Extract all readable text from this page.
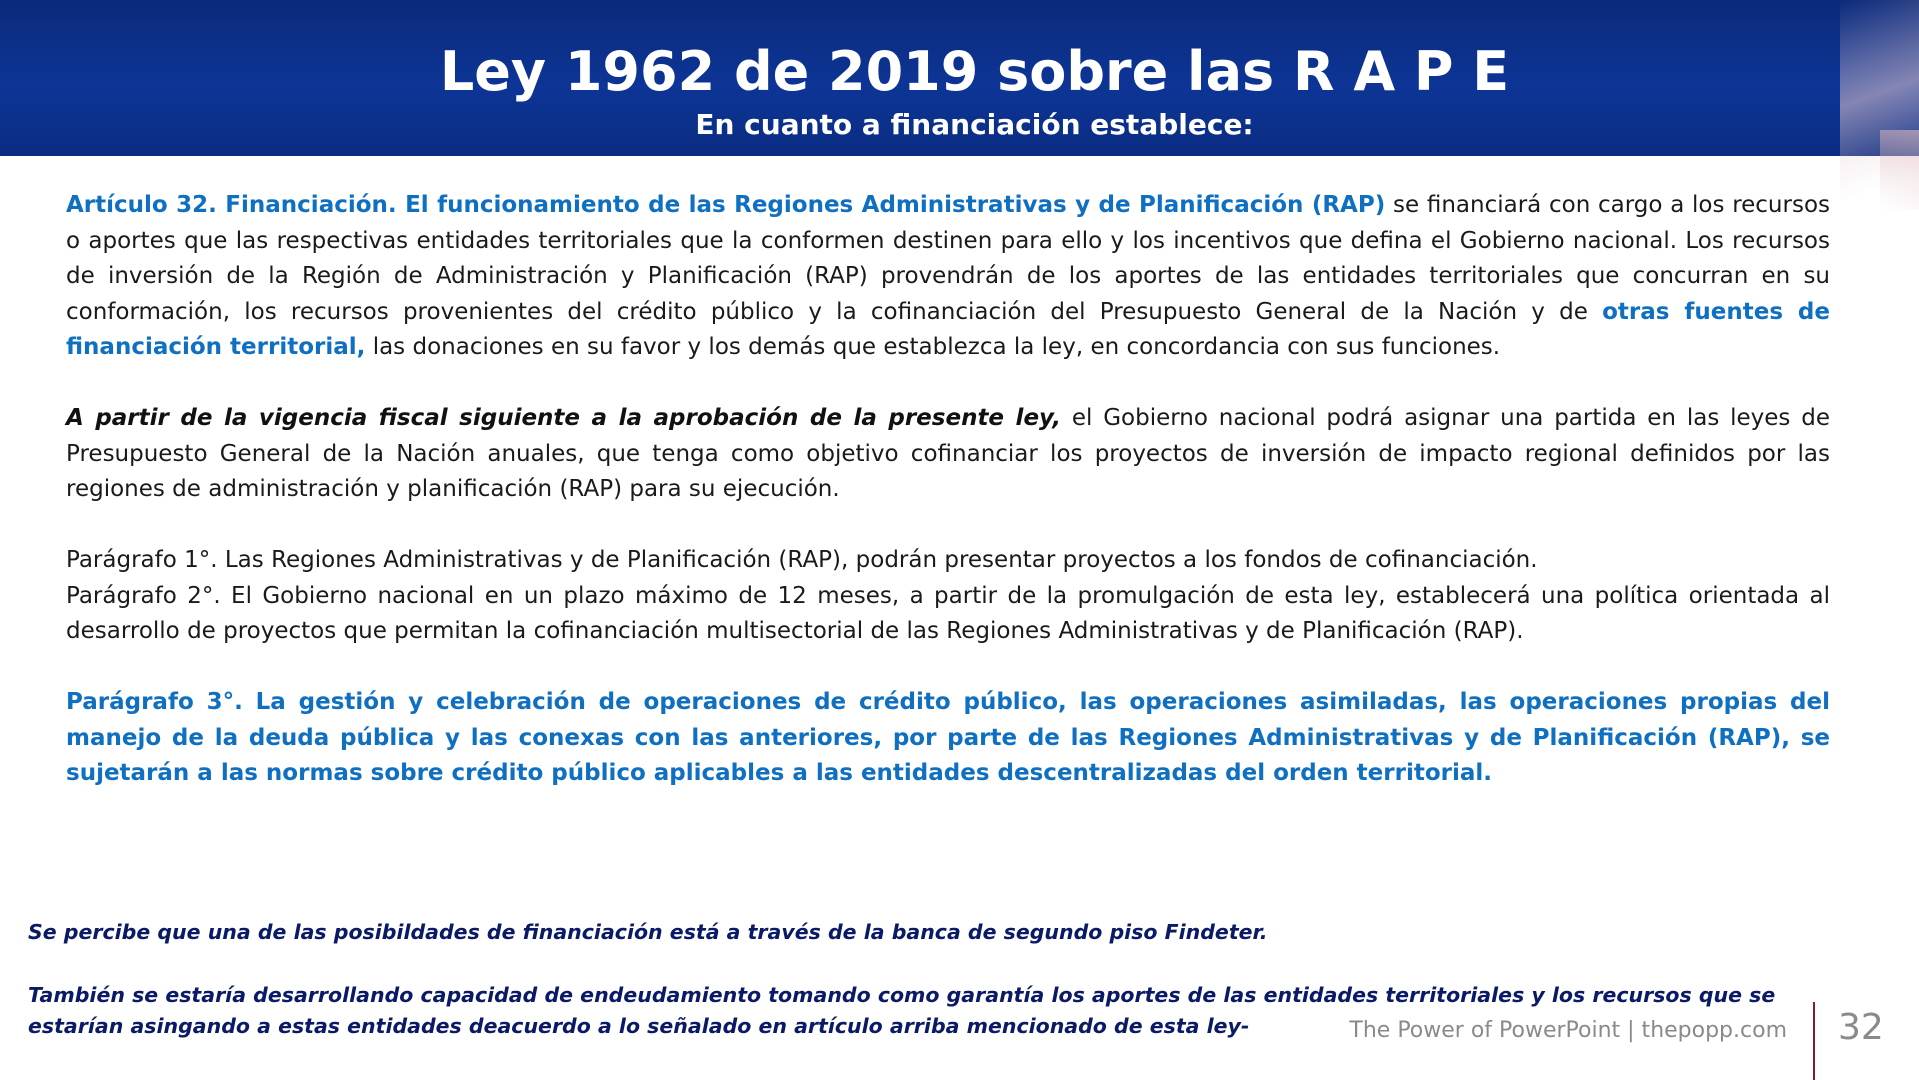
Ley 1962 de 2019 sobre las R A P E
En cuanto a financiación establece:

Artículo 32. Financiación. El funcionamiento de las Regiones Administrativas y de Planificación (RAP) se financiará con cargo a los recursos o aportes que las respectivas entidades territoriales que la conformen destinen para ello y los incentivos que defina el Gobierno nacional. Los recursos de inversión de la Región de Administración y Planificación (RAP) provendrán de los aportes de las entidades territoriales que concurran en su conformación, los recursos provenientes del crédito público y la cofinanciación del Presupuesto General de la Nación y de otras fuentes de financiación territorial, las donaciones en su favor y los demás que establezca la ley, en concordancia con sus funciones.

A partir de la vigencia fiscal siguiente a la aprobación de la presente ley, el Gobierno nacional podrá asignar una partida en las leyes de Presupuesto General de la Nación anuales, que tenga como objetivo cofinanciar los proyectos de inversión de impacto regional definidos por las regiones de administración y planificación (RAP) para su ejecución.

Parágrafo 1°. Las Regiones Administrativas y de Planificación (RAP), podrán presentar proyectos a los fondos de cofinanciación.

Parágrafo 2°. El Gobierno nacional en un plazo máximo de 12 meses, a partir de la promulgación de esta ley, establecerá una política orientada al desarrollo de proyectos que permitan la cofinanciación multisectorial de las Regiones Administrativas y de Planificación (RAP).

Parágrafo 3°. La gestión y celebración de operaciones de crédito público, las operaciones asimiladas, las operaciones propias del manejo de la deuda pública y las conexas con las anteriores, por parte de las Regiones Administrativas y de Planificación (RAP), se sujetarán a las normas sobre crédito público aplicables a las entidades descentralizadas del orden territorial.

Se percibe que una de las posibildades de financiación está a través de la banca de segundo piso Findeter.
También se estaría desarrollando capacidad de endeudamiento tomando como garantía los aportes de las entidades territoriales y los recursos que se estarían asingando a estas entidades deacuerdo a lo señalado en artículo arriba mencionado de esta ley-	The Power of PowerPoint | thepopp.com 32
